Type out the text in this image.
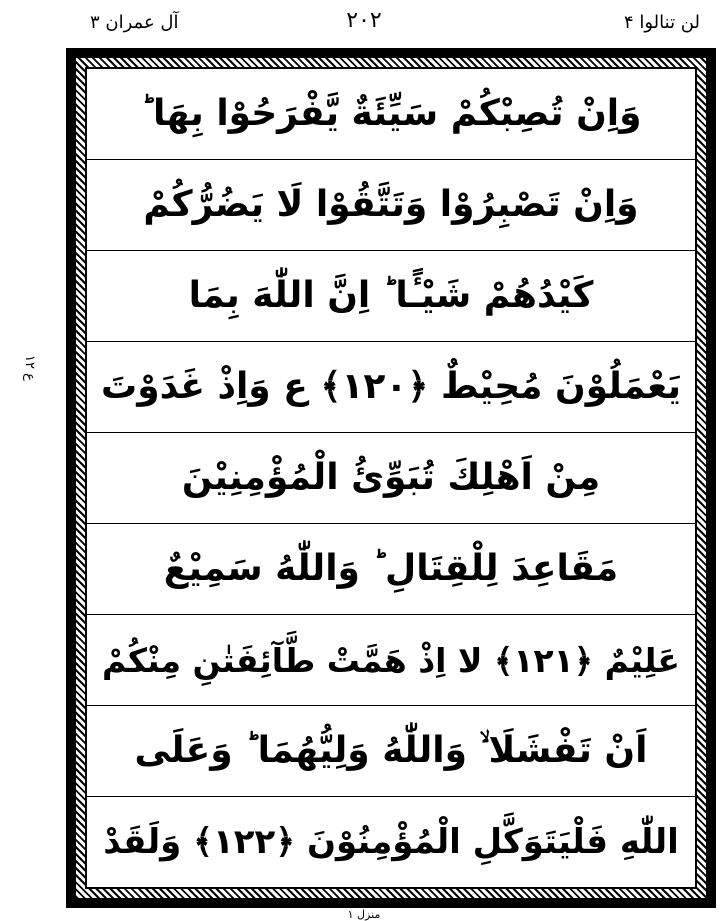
آل عمران ۳	۲۰۲	لن تنالوا ۴
ع ۱۲
وَاِنْ تُصِبْكُمْ سَيِّئَةٌ يَّفْرَحُوْا بِهَا ؕ
وَاِنْ تَصْبِرُوْا وَتَتَّقُوْا لَا يَضُرُّكُمْ
كَيْدُهُمْ شَيْـًٔا ؕ اِنَّ اللّٰهَ بِمَا
يَعْمَلُوْنَ مُحِيْطٌ ﴿۱۲۰﴾ ع وَاِذْ غَدَوْتَ
مِنْ اَهْلِكَ تُبَوِّئُ الْمُؤْمِنِيْنَ
مَقَاعِدَ لِلْقِتَالِ ؕ وَاللّٰهُ سَمِيْعٌ
عَلِيْمٌ ﴿۱۲۱﴾ لا اِذْ هَمَّتْ طَّآئِفَتٰنِ مِنْكُمْ
اَنْ تَفْشَلَا ۙ وَاللّٰهُ وَلِيُّهُمَا ؕ وَعَلَى
اللّٰهِ فَلْيَتَوَكَّلِ الْمُؤْمِنُوْنَ ﴿۱۲۲﴾ وَلَقَدْ
منزل ۱
